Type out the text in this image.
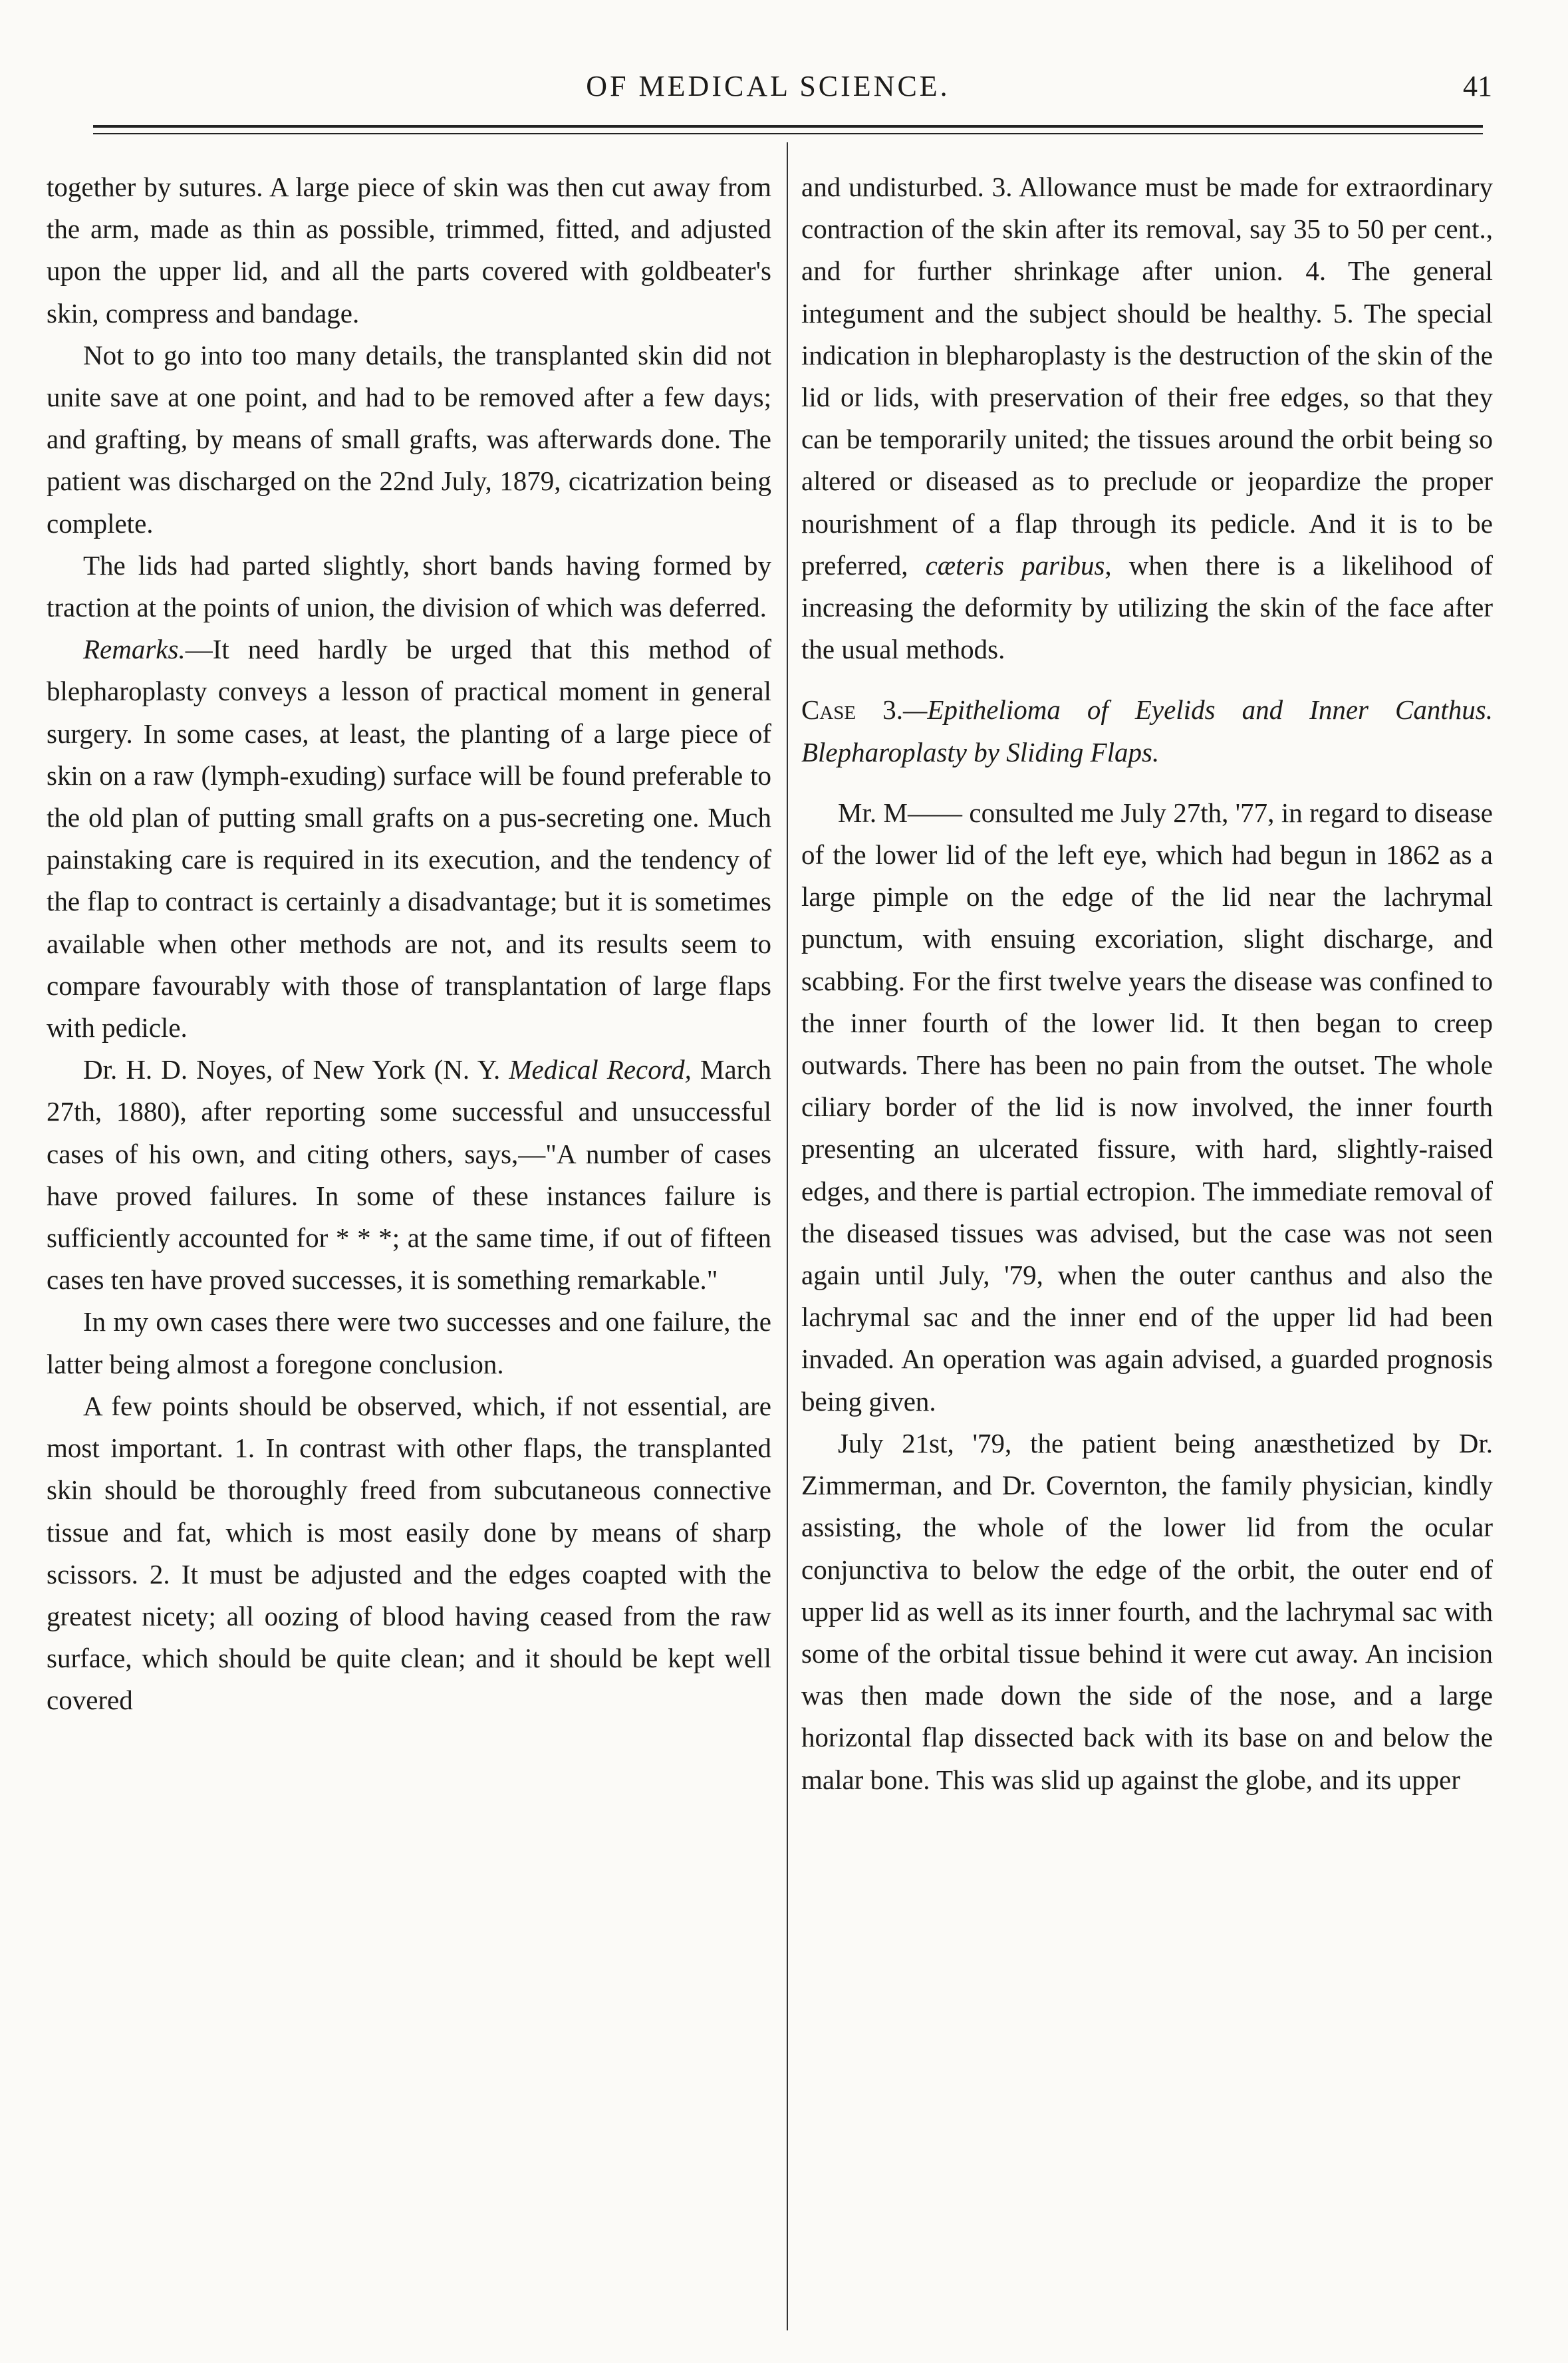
OF MEDICAL SCIENCE.	41

together by sutures. A large piece of skin was then cut away from the arm, made as thin as possible, trimmed, fitted, and adjusted upon the upper lid, and all the parts covered with goldbeater's skin, compress and bandage.

Not to go into too many details, the transplanted skin did not unite save at one point, and had to be removed after a few days; and grafting, by means of small grafts, was afterwards done. The patient was discharged on the 22nd July, 1879, cicatrization being complete.

The lids had parted slightly, short bands having formed by traction at the points of union, the division of which was deferred.

Remarks.—It need hardly be urged that this method of blepharoplasty conveys a lesson of practical moment in general surgery. In some cases, at least, the planting of a large piece of skin on a raw (lymph-exuding) surface will be found preferable to the old plan of putting small grafts on a pus-secreting one. Much painstaking care is required in its execution, and the tendency of the flap to contract is certainly a disadvantage; but it is sometimes available when other methods are not, and its results seem to compare favourably with those of transplantation of large flaps with pedicle.

Dr. H. D. Noyes, of New York (N. Y. Medical Record, March 27th, 1880), after reporting some successful and unsuccessful cases of his own, and citing others, says,—"A number of cases have proved failures. In some of these instances failure is sufficiently accounted for * * *; at the same time, if out of fifteen cases ten have proved successes, it is something remarkable."

In my own cases there were two successes and one failure, the latter being almost a foregone conclusion.

A few points should be observed, which, if not essential, are most important. 1. In contrast with other flaps, the transplanted skin should be thoroughly freed from subcutaneous connective tissue and fat, which is most easily done by means of sharp scissors. 2. It must be adjusted and the edges coapted with the greatest nicety; all oozing of blood having ceased from the raw surface, which should be quite clean; and it should be kept well covered

and undisturbed. 3. Allowance must be made for extraordinary contraction of the skin after its removal, say 35 to 50 per cent., and for further shrinkage after union. 4. The general integument and the subject should be healthy. 5. The special indication in blepharoplasty is the destruction of the skin of the lid or lids, with preservation of their free edges, so that they can be temporarily united; the tissues around the orbit being so altered or diseased as to preclude or jeopardize the proper nourishment of a flap through its pedicle. And it is to be preferred, cæteris paribus, when there is a likelihood of increasing the deformity by utilizing the skin of the face after the usual methods.

Case 3.—Epithelioma of Eyelids and Inner Canthus. Blepharoplasty by Sliding Flaps.

Mr. M—— consulted me July 27th, '77, in regard to disease of the lower lid of the left eye, which had begun in 1862 as a large pimple on the edge of the lid near the lachrymal punctum, with ensuing excoriation, slight discharge, and scabbing. For the first twelve years the disease was confined to the inner fourth of the lower lid. It then began to creep outwards. There has been no pain from the outset. The whole ciliary border of the lid is now involved, the inner fourth presenting an ulcerated fissure, with hard, slightly-raised edges, and there is partial ectropion. The immediate removal of the diseased tissues was advised, but the case was not seen again until July, '79, when the outer canthus and also the lachrymal sac and the inner end of the upper lid had been invaded. An operation was again advised, a guarded prognosis being given.

July 21st, '79, the patient being anæsthetized by Dr. Zimmerman, and Dr. Covernton, the family physician, kindly assisting, the whole of the lower lid from the ocular conjunctiva to below the edge of the orbit, the outer end of upper lid as well as its inner fourth, and the lachrymal sac with some of the orbital tissue behind it were cut away. An incision was then made down the side of the nose, and a large horizontal flap dissected back with its base on and below the malar bone. This was slid up against the globe, and its upper
